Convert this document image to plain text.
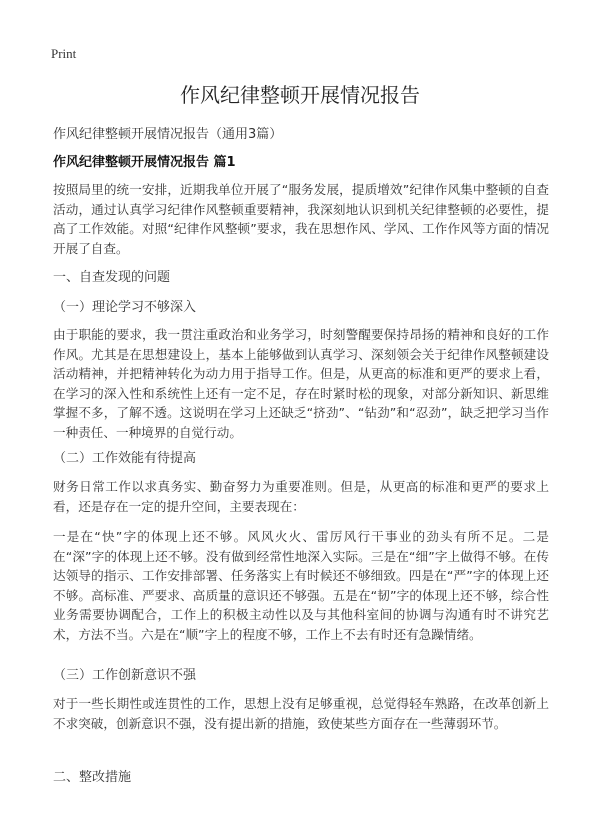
Print
作风纪律整顿开展情况报告
作风纪律整顿开展情况报告（通用3篇）
作风纪律整顿开展情况报告 篇1
按照局里的统一安排，近期我单位开展了“服务发展，提质增效”纪律作风集中整顿的自查活动，通过认真学习纪律作风整顿重要精神，我深刻地认识到机关纪律整顿的必要性，提高了工作效能。对照“纪律作风整顿”要求，我在思想作风、学风、工作作风等方面的情况开展了自查。
一、自查发现的问题
（一）理论学习不够深入
由于职能的要求，我一贯注重政治和业务学习，时刻警醒要保持昂扬的精神和良好的工作作风。尤其是在思想建设上，基本上能够做到认真学习、深刻领会关于纪律作风整顿建设活动精神，并把精神转化为动力用于指导工作。但是，从更高的标准和更严的要求上看，在学习的深入性和系统性上还有一定不足，存在时紧时松的现象，对部分新知识、新思维掌握不多，了解不透。这说明在学习上还缺乏“挤劲”、“钻劲”和“忍劲”，缺乏把学习当作一种责任、一种境界的自觉行动。
（二）工作效能有待提高
财务日常工作以求真务实、勤奋努力为重要准则。但是，从更高的标准和更严的要求上看，还是存在一定的提升空间，主要表现在：
一是在“快”字的体现上还不够。风风火火、雷厉风行干事业的劲头有所不足。二是在“深”字的体现上还不够。没有做到经常性地深入实际。三是在“细”字上做得不够。在传达领导的指示、工作安排部署、任务落实上有时候还不够细致。四是在“严”字的体现上还不够。高标准、严要求、高质量的意识还不够强。五是在“韧”字的体现上还不够，综合性业务需要协调配合，工作上的积极主动性以及与其他科室间的协调与沟通有时不讲究艺术，方法不当。六是在“顺”字上的程度不够，工作上不去有时还有急躁情绪。
（三）工作创新意识不强
对于一些长期性或连贯性的工作，思想上没有足够重视，总觉得轻车熟路，在改革创新上不求突破，创新意识不强，没有提出新的措施，致使某些方面存在一些薄弱环节。
二、整改措施
